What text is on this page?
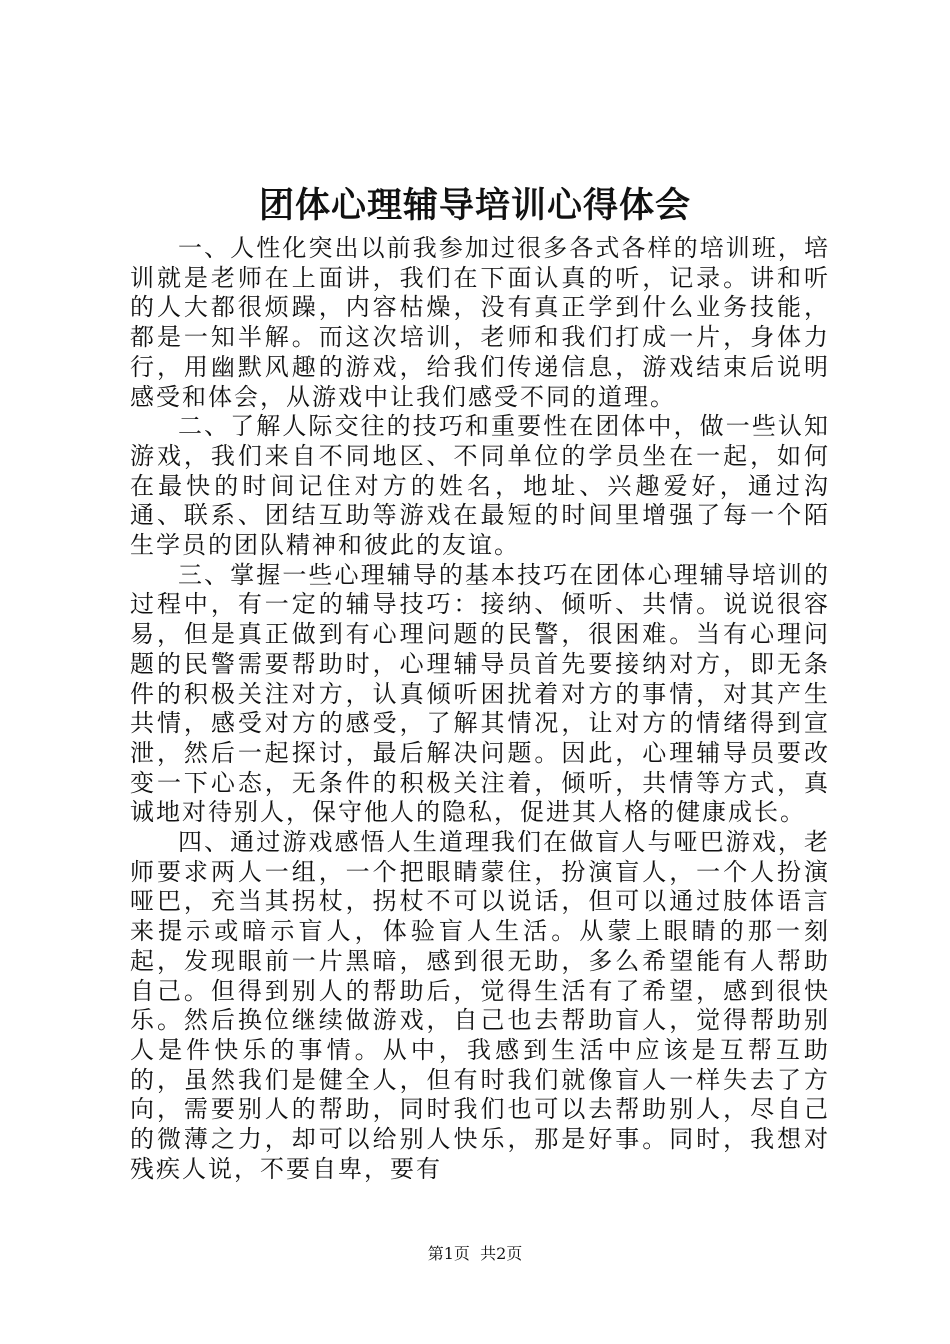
团体心理辅导培训心得体会

一、人性化突出以前我参加过很多各式各样的培训班，培训就是老师在上面讲，我们在下面认真的听，记录。讲和听的人大都很烦躁，内容枯燥，没有真正学到什么业务技能，都是一知半解。而这次培训，老师和我们打成一片，身体力行，用幽默风趣的游戏，给我们传递信息，游戏结束后说明感受和体会，从游戏中让我们感受不同的道理。

二、了解人际交往的技巧和重要性在团体中，做一些认知游戏，我们来自不同地区、不同单位的学员坐在一起，如何在最快的时间记住对方的姓名，地址、兴趣爱好，通过沟通、联系、团结互助等游戏在最短的时间里增强了每一个陌生学员的团队精神和彼此的友谊。

三、掌握一些心理辅导的基本技巧在团体心理辅导培训的过程中，有一定的辅导技巧：接纳、倾听、共情。说说很容易，但是真正做到有心理问题的民警，很困难。当有心理问题的民警需要帮助时，心理辅导员首先要接纳对方，即无条件的积极关注对方，认真倾听困扰着对方的事情，对其产生共情，感受对方的感受，了解其情况，让对方的情绪得到宣泄，然后一起探讨，最后解决问题。因此，心理辅导员要改变一下心态，无条件的积极关注着，倾听，共情等方式，真诚地对待别人，保守他人的隐私，促进其人格的健康成长。

四、通过游戏感悟人生道理我们在做盲人与哑巴游戏，老师要求两人一组，一个把眼睛蒙住，扮演盲人，一个人扮演哑巴，充当其拐杖，拐杖不可以说话，但可以通过肢体语言来提示或暗示盲人，体验盲人生活。从蒙上眼睛的那一刻起，发现眼前一片黑暗，感到很无助，多么希望能有人帮助自己。但得到别人的帮助后，觉得生活有了希望，感到很快乐。然后换位继续做游戏，自己也去帮助盲人，觉得帮助别人是件快乐的事情。从中，我感到生活中应该是互帮互助的，虽然我们是健全人，但有时我们就像盲人一样失去了方向，需要别人的帮助，同时我们也可以去帮助别人，尽自己的微薄之力，却可以给别人快乐，那是好事。同时，我想对残疾人说，不要自卑，要有

第1页  共2页
